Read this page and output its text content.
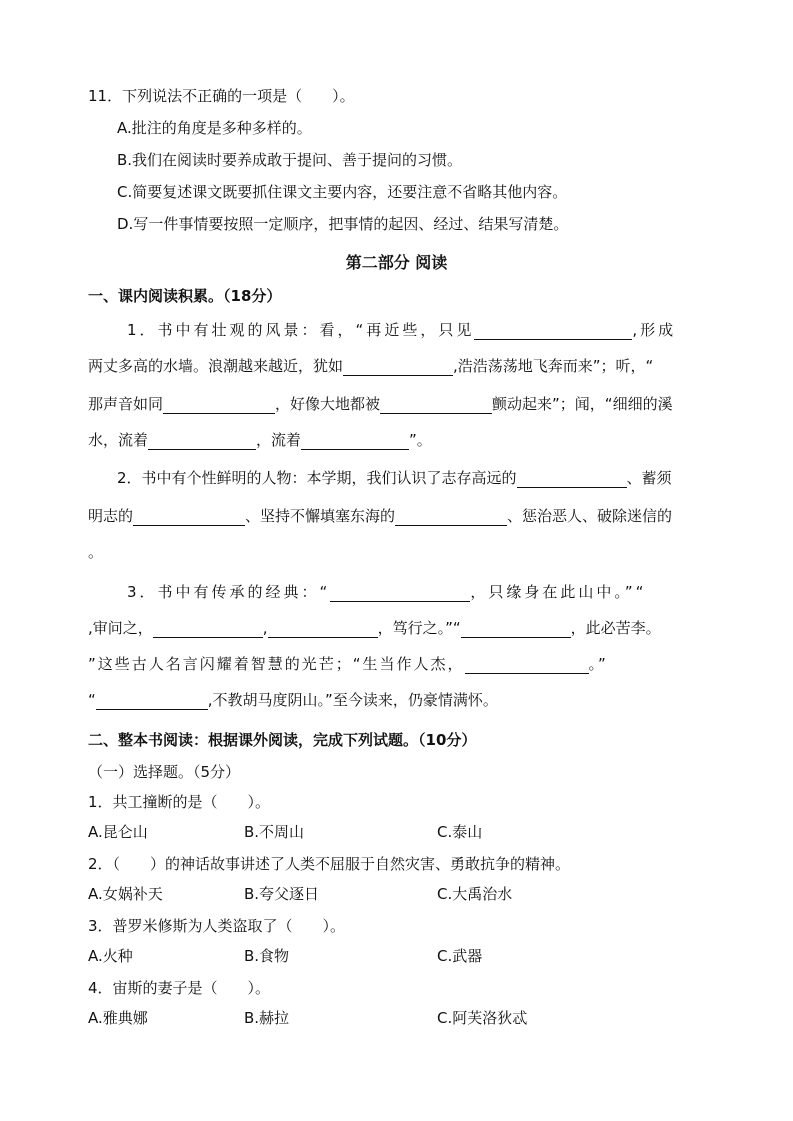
11．下列说法不正确的一项是（　　）。
A.批注的角度是多种多样的。
B.我们在阅读时要养成敢于提问、善于提问的习惯。
C.简要复述课文既要抓住课文主要内容，还要注意不省略其他内容。
D.写一件事情要按照一定顺序，把事情的起因、经过、结果写清楚。
第二部分 阅读
一、课内阅读积累。（18分）
1．书中有壮观的风景：看，“再近些，只见	,形成
两丈多高的水墙。浪潮越来越近，犹如	,浩浩荡荡地飞奔而来”；听，“
那声音如同	，好像大地都被	颤动起来”；闻，“细细的溪
水，流着	，流着	”。
2．书中有个性鲜明的人物：本学期，我们认识了志存高远的	、蓄须
明志的	、坚持不懈填塞东海的	、惩治恶人、破除迷信的
。
3．书中有传承的经典：“	，只缘身在此山中。”“
,审问之，	,	，笃行之。”“	，此必苦李。
”这些古人名言闪耀着智慧的光芒；“生当作人杰，	。”
“	,不教胡马度阴山。”至今读来，仍豪情满怀。
二、整本书阅读：根据课外阅读，完成下列试题。（10分）
（一）选择题。（5分）
1．共工撞断的是（　　）。
A.昆仑山	B.不周山	C.泰山
2．（　　）的神话故事讲述了人类不屈服于自然灾害、勇敢抗争的精神。
A.女娲补天	B.夸父逐日	C.大禹治水
3．普罗米修斯为人类盗取了（　　）。
A.火种	B.食物	C.武器
4．宙斯的妻子是（　　）。
A.雅典娜	B.赫拉	C.阿芙洛狄忒
